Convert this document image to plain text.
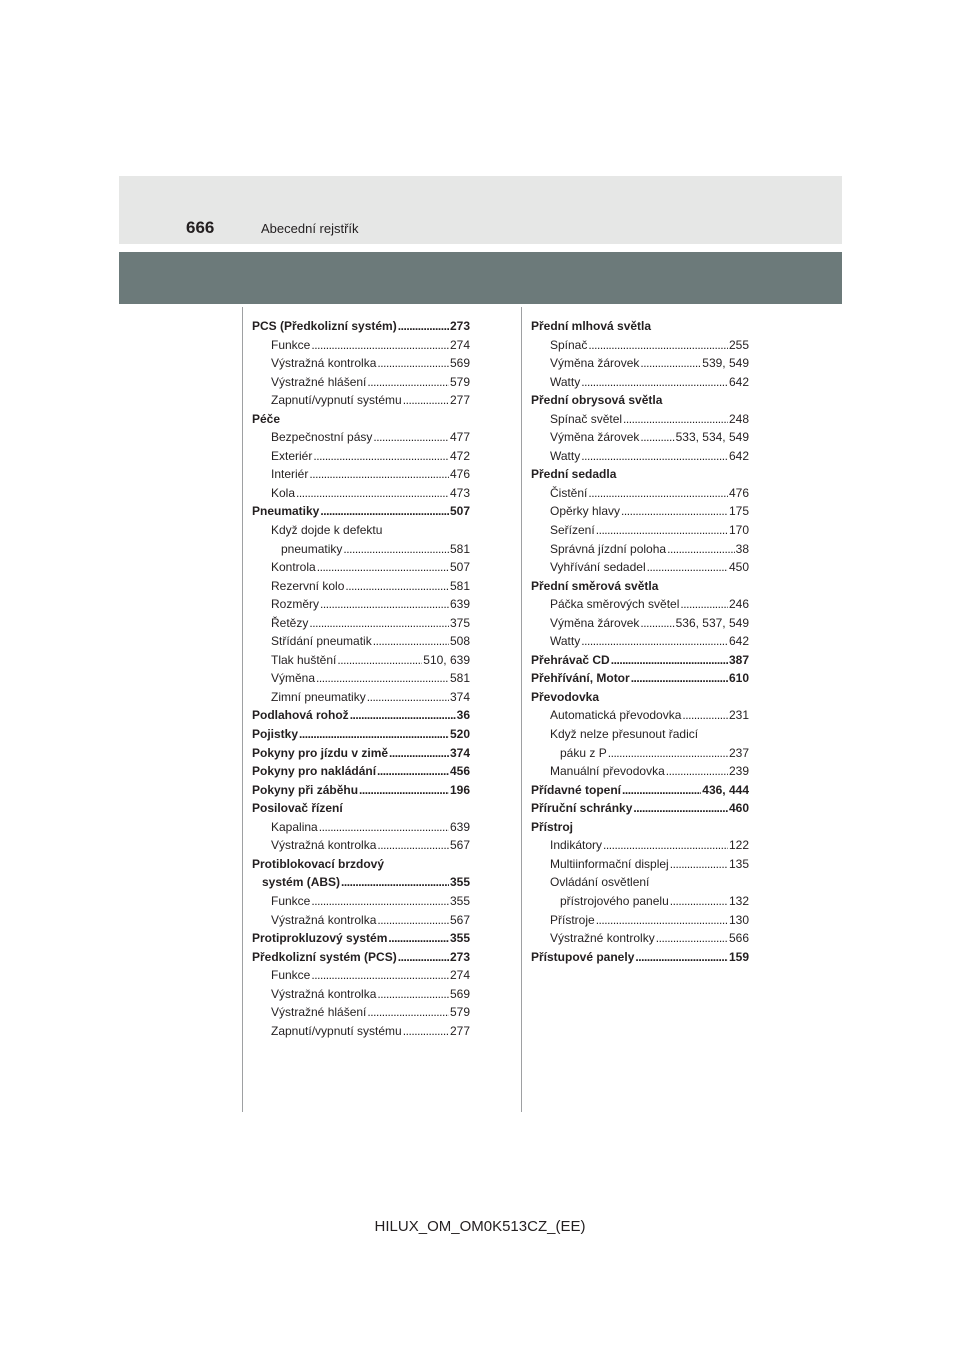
666	Abecední rejstřík
PCS (Předkolizní systém) . . .	273
Funkce . . .	274
Výstražná kontrolka . . .	569
Výstražné hlášení . . .	579
Zapnutí/vypnutí systému . . .	277
Péče
Bezpečnostní pásy . . .	477
Exteriér . . .	472
Interiér . . .	476
Kola . . .	473
Pneumatiky . . .	507
Když dojde k defektu
pneumatiky . . .	581
Kontrola . . .	507
Rezervní kolo . . .	581
Rozměry . . .	639
Řetězy . . .	375
Střídání pneumatik . . .	508
Tlak huštění . . .	510, 639
Výměna . . .	581
Zimní pneumatiky . . .	374
Podlahová rohož . . .	36
Pojistky . . .	520
Pokyny pro jízdu v zimě . . .	374
Pokyny pro nakládání . . .	456
Pokyny při záběhu . . .	196
Posilovač řízení
Kapalina . . .	639
Výstražná kontrolka . . .	567
Protiblokovací brzdový
systém (ABS) . . .	355
Funkce . . .	355
Výstražná kontrolka . . .	567
Protiprokluzový systém . . .	355
Předkolizní systém (PCS) . . .	273
Funkce . . .	274
Výstražná kontrolka . . .	569
Výstražné hlášení . . .	579
Zapnutí/vypnutí systému . . .	277
Přední mlhová světla
Spínač . . .	255
Výměna žárovek . . .	539, 549
Watty . . .	642
Přední obrysová světla
Spínač světel . . .	248
Výměna žárovek . . .	533, 534, 549
Watty . . .	642
Přední sedadla
Čistění . . .	476
Opěrky hlavy . . .	175
Seřízení . . .	170
Správná jízdní poloha . . .	38
Vyhřívání sedadel . . .	450
Přední směrová světla
Páčka směrových světel . . .	246
Výměna žárovek . . .	536, 537, 549
Watty . . .	642
Přehrávač CD . . .	387
Přehřívání, Motor . . .	610
Převodovka
Automatická převodovka . . .	231
Když nelze přesunout řadicí
páku z P . . .	237
Manuální převodovka . . .	239
Přídavné topení . . .	436, 444
Příruční schránky . . .	460
Přístroj
Indikátory . . .	122
Multiinformační displej . . .	135
Ovládání osvětlení
přístrojového panelu . . .	132
Přístroje . . .	130
Výstražné kontrolky . . .	566
Přístupové panely . . .	159
HILUX_OM_OM0K513CZ_(EE)
